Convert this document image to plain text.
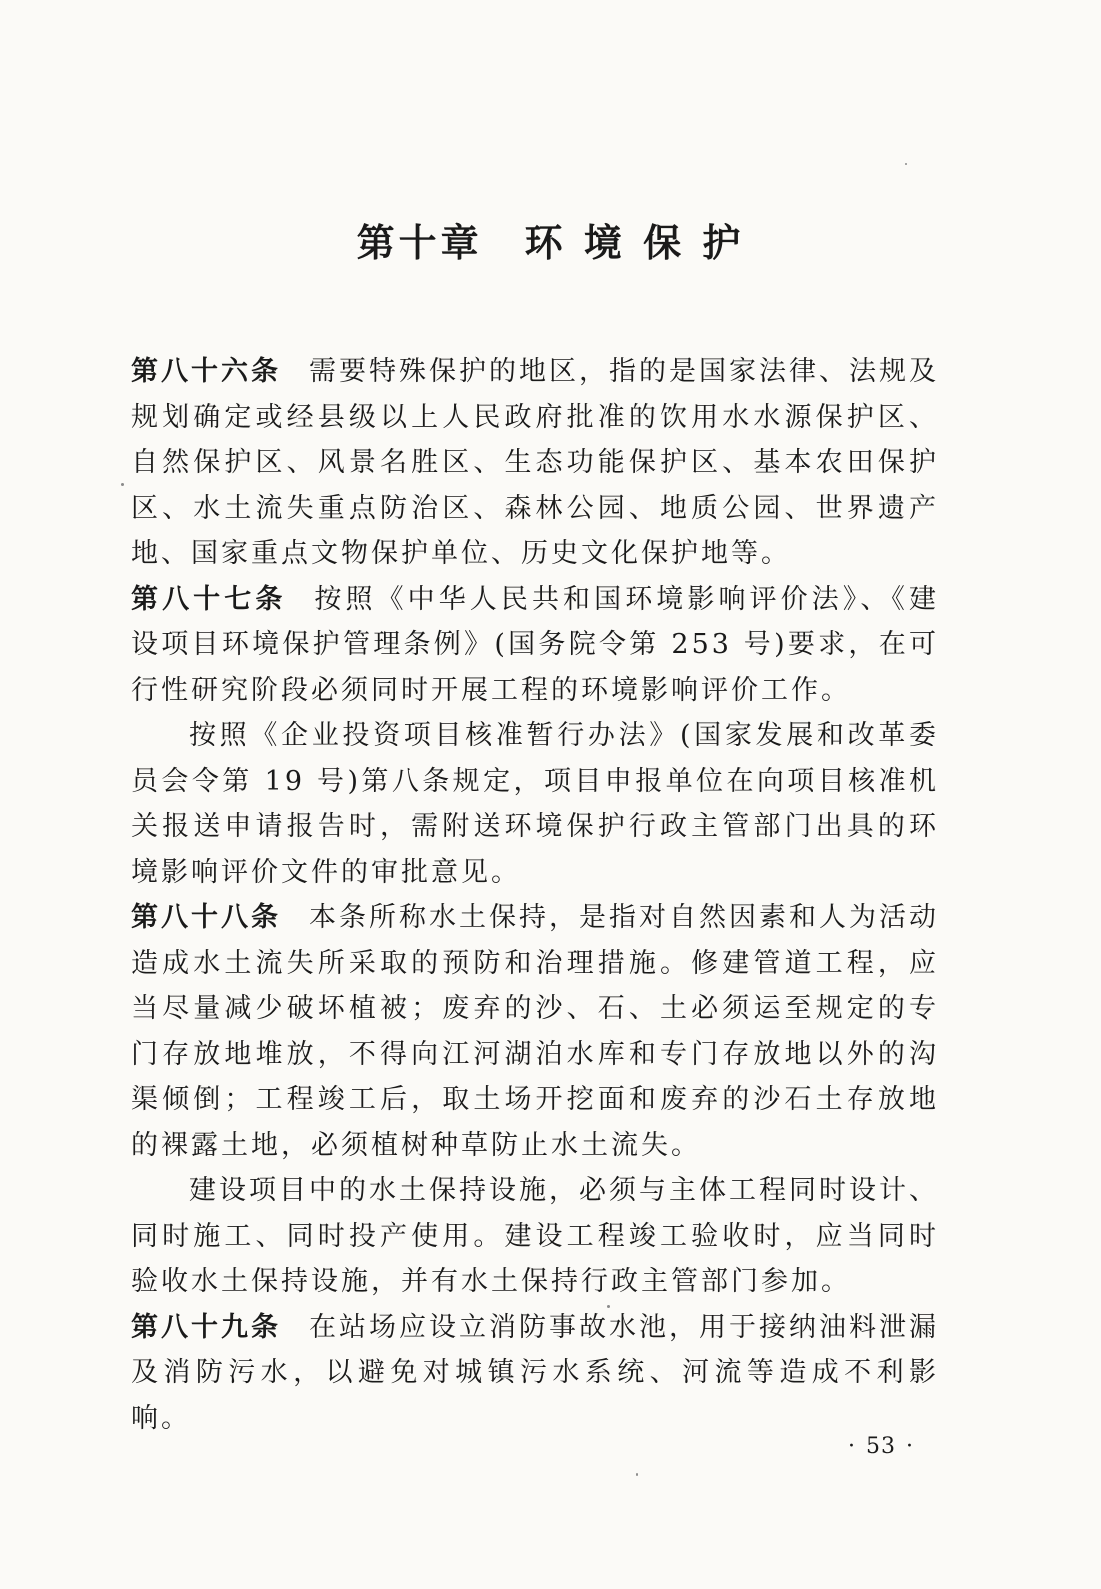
第十章 环 境 保 护

第八十六条 需要特殊保护的地区，指的是国家法律、法规及规划确定或经县级以上人民政府批准的饮用水水源保护区、自然保护区、风景名胜区、生态功能保护区、基本农田保护区、水土流失重点防治区、森林公园、地质公园、世界遗产地、国家重点文物保护单位、历史文化保护地等。

第八十七条 按照《中华人民共和国环境影响评价法》、《建设项目环境保护管理条例》(国务院令第 253 号)要求，在可行性研究阶段必须同时开展工程的环境影响评价工作。

按照《企业投资项目核准暂行办法》(国家发展和改革委员会令第 19 号)第八条规定，项目申报单位在向项目核准机关报送申请报告时，需附送环境保护行政主管部门出具的环境影响评价文件的审批意见。

第八十八条 本条所称水土保持，是指对自然因素和人为活动造成水土流失所采取的预防和治理措施。修建管道工程，应当尽量减少破坏植被；废弃的沙、石、土必须运至规定的专门存放地堆放，不得向江河湖泊水库和专门存放地以外的沟渠倾倒；工程竣工后，取土场开挖面和废弃的沙石土存放地的裸露土地，必须植树种草防止水土流失。

建设项目中的水土保持设施，必须与主体工程同时设计、同时施工、同时投产使用。建设工程竣工验收时，应当同时验收水土保持设施，并有水土保持行政主管部门参加。

第八十九条 在站场应设立消防事故水池，用于接纳油料泄漏及消防污水，以避免对城镇污水系统、河流等造成不利影响。

· 53 ·
